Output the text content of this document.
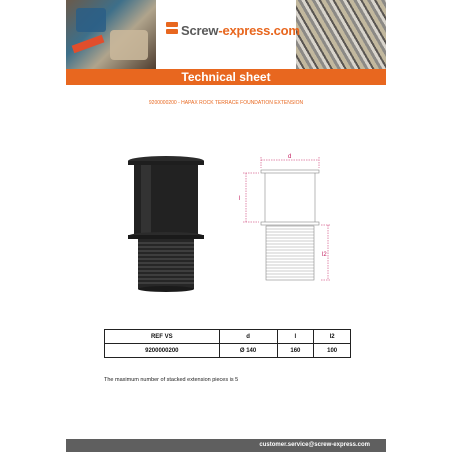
Screw-express.com
Technical sheet
9200000200 - HAPAX ROCK TERRACE FOUNDATION EXTENSION
d
l
l2
REF VS	d	l	l2
9200000200	Ø 140	160	100
The maximum number of stacked extension pieces is 5
customer.service@screw-express.com
